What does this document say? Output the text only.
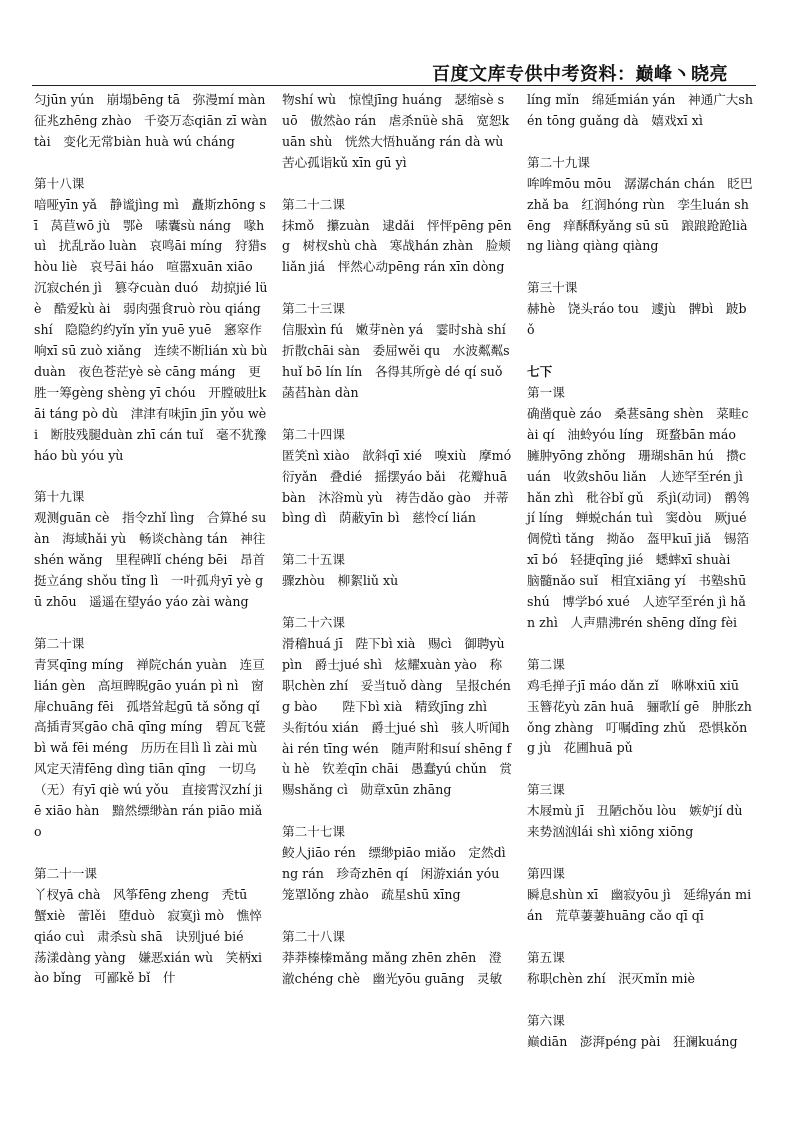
百度文库专供中考资料：巅峰丶晓亮

匀jūn yún　崩塌bēng tā　弥漫mí màn　征兆zhēng zhào　千姿万态qiān zī wàn tài　变化无常biàn huà wú cháng

第十八课

喑哑yīn yǎ　静谧jìng mì　矗斯zhōng sī　莴苣wō jù　鄂è　嗉囊sù náng　喙huì　扰乱rǎo luàn　哀鸣āi míng　狩猎shòu liè　哀号āi háo　喧嚣xuān xiāo　沉寂chén jì　篡夺cuàn duó　劫掠jié lüè　酷爱kù ài　弱肉强食ruò ròu qiáng shí　隐隐约约yǐn yǐn yuē yuē　窸窣作响xī sū zuò xiǎng　连续不断lián xù bù duàn　夜色苍茫yè sè cāng máng　更胜一筹gèng shèng yī chóu　开膛破肚kāi táng pò dù　津津有味jīn jīn yǒu wèi　断肢残腿duàn zhī cán tuǐ　毫不犹豫háo bù yóu yù

第十九课

观测guān cè　指令zhǐ lìng　合算hé suàn　海域hǎi yù　畅谈chàng tán　神往shén wǎng　里程碑lǐ chéng bēi　昂首挺立áng shǒu tǐng lì　一叶孤舟yī yè gū zhōu　遥遥在望yáo yáo zài wàng

第二十课

青冥qīng míng　禅院chán yuàn　连亘lián gèn　高垣睥睨gāo yuán pì nì　窗扉chuāng fēi　孤塔耸起gū tǎ sǒng qǐ　高插青冥gāo chā qīng míng　碧瓦飞甍bì wǎ fēi méng　历历在目lì lì zài mù　风定天清fēng dìng tiān qīng　一切乌（无）有yī qiè wú yǒu　直接霄汉zhí jiē xiāo hàn　黯然缥缈àn rán piāo miǎo

第二十一课

丫杈yā chà　风筝fēng zheng　秃tū　蟹xiè　蕾lěi　堕duò　寂寞jì mò　憔悴qiáo cuì　肃杀sù shā　诀别jué bié　荡漾dàng yàng　嫌恶xián wù　笑柄xiào bǐng　可鄙kě bǐ　什

物shí wù　惊惶jīng huáng　瑟缩sè suō　傲然ào rán　虐杀nüè shā　宽恕kuān shù　恍然大悟huǎng rán dà wù　苦心孤诣kǔ xīn gū yì

第二十二课

抹mǒ　攥zuàn　逮dǎi　怦怦pēng pēng　树杈shù chà　寒战hán zhàn　脸颊liǎn jiá　怦然心动pēng rán xīn dòng

第二十三课

信服xìn fú　嫩芽nèn yá　霎时shà shí　折散chāi sàn　委屈wěi qu　水波粼粼shuǐ bō lín lín　各得其所gè dé qí suǒ　菡萏hàn dàn

第二十四课

匿笑nì xiào　歆斜qī xié　嗅xiù　摩mó　衍yǎn　叠dié　摇摆yáo bǎi　花瓣huā bàn　沐浴mù yù　祷告dǎo gào　并蒂bìng dì　荫蔽yīn bì　慈怜cí lián

第二十五课

骤zhòu　柳絮liǔ xù

第二十六课

滑稽huá jī　陛下bì xià　赐cì　御聘yù pìn　爵士jué shì　炫耀xuàn yào　称职chèn zhí　妥当tuǒ dàng　呈报chéng bào　　陛下bì xià　精致jīng zhì　头衔tóu xián　爵士jué shì　骇人听闻hài rén tīng wén　随声附和suí shēng fù hè　钦差qīn chāi　愚蠢yú chǔn　赏赐shǎng cì　勋章xūn zhāng

第二十七课

鲛人jiāo rén　缥缈piāo miǎo　定然dìng rán　珍奇zhēn qí　闲游xián yóu　笼罩lǒng zhào　疏星shū xīng

第二十八课

莽莽榛榛mǎng mǎng zhēn zhēn　澄澈chéng chè　幽光yōu guāng　灵敏

líng mǐn　绵延mián yán　神通广大shén tōng guǎng dà　嬉戏xī xì

第二十九课

哞哞mōu mōu　潺潺chán chán　眨巴zhǎ ba　红润hóng rùn　孪生luán shēng　痒酥酥yǎng sū sū　踉踉跄跄liàng liàng qiàng qiàng

第三十课

赫hè　饶头ráo tou　遽jù　髀bì　跛bǒ

七下

第一课

确凿què záo　桑葚sāng shèn　菜畦cài qí　油蛉yóu líng　斑蝥bān máo　臃肿yōng zhǒng　珊瑚shān hú　攒cuán　收敛shōu liǎn　人迹罕至rén jì hǎn zhì　秕谷bǐ gǔ　系jì(动词)　鹡鸰jí líng　蝉蜕chán tuì　窦dòu　厥jué　倜傥tì tǎng　拗ǎo　盔甲kuī jiǎ　锡箔xī bó　轻捷qīng jié　蟋蟀xī shuài　脑髓nǎo suǐ　相宜xiāng yí　书塾shū shú　博学bó xué　人迹罕至rén jì hǎn zhì　人声鼎沸rén shēng dǐng fèi

第二课

鸡毛掸子jī máo dǎn zǐ　咻咻xiū xiū　玉簪花yù zān huā　骊歌lí gē　肿胀zhǒng zhàng　叮嘱dīng zhǔ　恐惧kǒng jù　花圃huā pǔ

第三课

木屐mù jī　丑陋chǒu lòu　嫉妒jí dù　来势汹汹lái shì xiōng xiōng

第四课

瞬息shùn xī　幽寂yōu jì　延绵yán mián　荒草萋萋huāng cǎo qī qī

第五课

称职chèn zhí　泯灭mǐn miè

第六课

巅diān　澎湃péng pài　狂澜kuáng
